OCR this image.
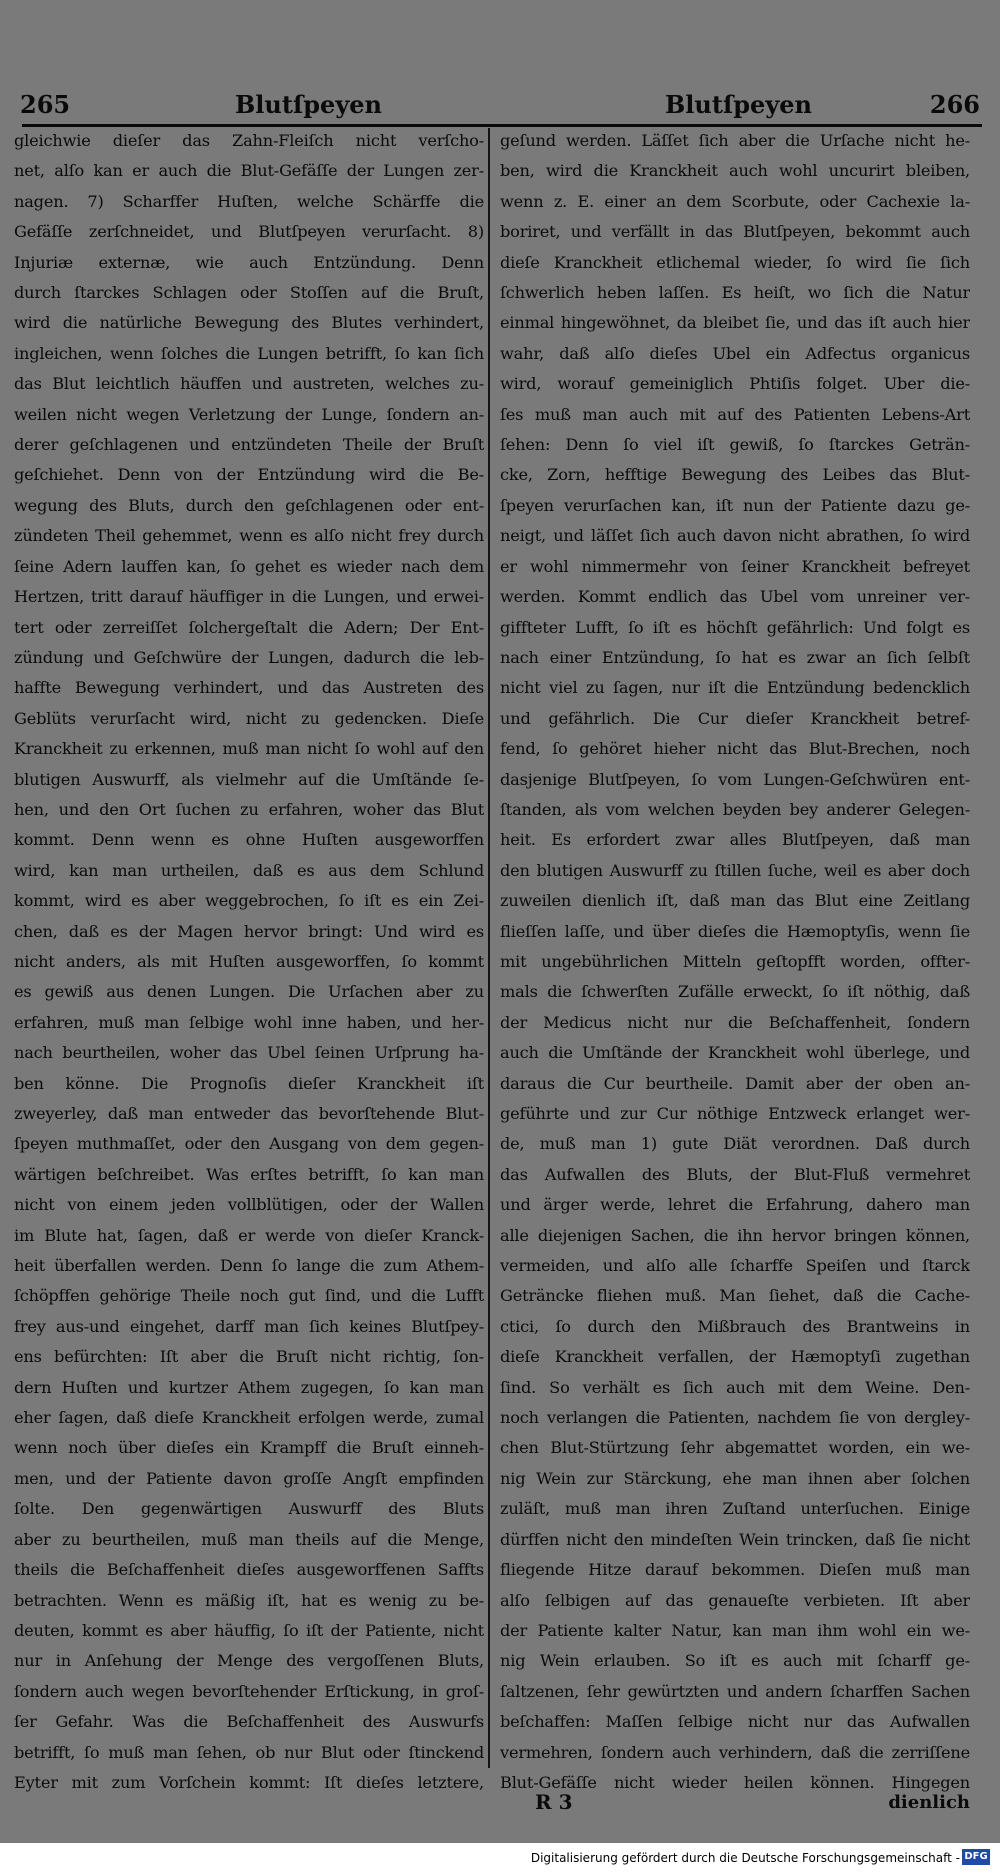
265	Blutſpeyen	Blutſpeyen	266
gleichwie dieſer das Zahn-Fleiſch nicht verſcho-
net, alſo kan er auch die Blut-Gefäſſe der Lungen zer-
nagen. 7) Scharffer Huſten, welche Schärffe die
Gefäſſe zerſchneidet, und Blutſpeyen verurſacht. 8)
Injuriæ externæ, wie auch Entzündung. Denn
durch ſtarckes Schlagen oder Stoſſen auf die Bruſt,
wird die natürliche Bewegung des Blutes verhindert,
ingleichen, wenn ſolches die Lungen betrifft, ſo kan ſich
das Blut leichtlich häuffen und austreten, welches zu-
weilen nicht wegen Verletzung der Lunge, ſondern an-
derer geſchlagenen und entzündeten Theile der Bruſt
geſchiehet. Denn von der Entzündung wird die Be-
wegung des Bluts, durch den geſchlagenen oder ent-
zündeten Theil gehemmet, wenn es alſo nicht frey durch
ſeine Adern lauffen kan, ſo gehet es wieder nach dem
Hertzen, tritt darauf häuffiger in die Lungen, und erwei-
tert oder zerreiſſet ſolchergeſtalt die Adern; Der Ent-
zündung und Geſchwüre der Lungen, dadurch die leb-
haffte Bewegung verhindert, und das Austreten des
Geblüts verurſacht wird, nicht zu gedencken. Dieſe
Kranckheit zu erkennen, muß man nicht ſo wohl auf den
blutigen Auswurff, als vielmehr auf die Umſtände ſe-
hen, und den Ort ſuchen zu erfahren, woher das Blut
kommt. Denn wenn es ohne Huſten ausgeworffen
wird, kan man urtheilen, daß es aus dem Schlund
kommt, wird es aber weggebrochen, ſo iſt es ein Zei-
chen, daß es der Magen hervor bringt: Und wird es
nicht anders, als mit Huſten ausgeworffen, ſo kommt
es gewiß aus denen Lungen. Die Urſachen aber zu
erfahren, muß man ſelbige wohl inne haben, und her-
nach beurtheilen, woher das Ubel ſeinen Urſprung ha-
ben könne. Die Prognoſis dieſer Kranckheit iſt
zweyerley, daß man entweder das bevorſtehende Blut-
ſpeyen muthmaſſet, oder den Ausgang von dem gegen-
wärtigen beſchreibet. Was erſtes betrifft, ſo kan man
nicht von einem jeden vollblütigen, oder der Wallen
im Blute hat, ſagen, daß er werde von dieſer Kranck-
heit überfallen werden. Denn ſo lange die zum Athem-
ſchöpffen gehörige Theile noch gut ſind, und die Lufft
frey aus-und eingehet, darff man ſich keines Blutſpey-
ens befürchten: Iſt aber die Bruſt nicht richtig, ſon-
dern Huſten und kurtzer Athem zugegen, ſo kan man
eher ſagen, daß dieſe Kranckheit erfolgen werde, zumal
wenn noch über dieſes ein Krampff die Bruſt einneh-
men, und der Patiente davon groſſe Angſt empfinden
ſolte. Den gegenwärtigen Auswurff des Bluts
aber zu beurtheilen, muß man theils auf die Menge,
theils die Beſchaffenheit dieſes ausgeworffenen Saffts
betrachten. Wenn es mäßig iſt, hat es wenig zu be-
deuten, kommt es aber häuffig, ſo iſt der Patiente, nicht
nur in Anſehung der Menge des vergoſſenen Bluts,
ſondern auch wegen bevorſtehender Erſtickung, in groſ-
ſer Gefahr. Was die Beſchaffenheit des Auswurfs
betrifft, ſo muß man ſehen, ob nur Blut oder ſtinckend
Eyter mit zum Vorſchein kommt: Iſt dieſes letztere,
geſund werden. Läſſet ſich aber die Urſache nicht he-
ben, wird die Kranckheit auch wohl uncurirt bleiben,
wenn z. E. einer an dem Scorbute, oder Cachexie la-
boriret, und verfällt in das Blutſpeyen, bekommt auch
dieſe Kranckheit etlichemal wieder, ſo wird ſie ſich
ſchwerlich heben laſſen. Es heiſt, wo ſich die Natur
einmal hingewöhnet, da bleibet ſie, und das iſt auch hier
wahr, daß alſo dieſes Ubel ein Adfectus organicus
wird, worauf gemeiniglich Phtiſis folget. Uber die-
ſes muß man auch mit auf des Patienten Lebens-Art
ſehen: Denn ſo viel iſt gewiß, ſo ſtarckes Geträn-
cke, Zorn, hefftige Bewegung des Leibes das Blut-
ſpeyen verurſachen kan, iſt nun der Patiente dazu ge-
neigt, und läſſet ſich auch davon nicht abrathen, ſo wird
er wohl nimmermehr von ſeiner Kranckheit befreyet
werden. Kommt endlich das Ubel vom unreiner ver-
giffteter Lufft, ſo iſt es höchſt gefährlich: Und folgt es
nach einer Entzündung, ſo hat es zwar an ſich ſelbſt
nicht viel zu ſagen, nur iſt die Entzündung bedencklich
und gefährlich. Die Cur dieſer Kranckheit betref-
fend, ſo gehöret hieher nicht das Blut-Brechen, noch
dasjenige Blutſpeyen, ſo vom Lungen-Geſchwüren ent-
ſtanden, als vom welchen beyden bey anderer Gelegen-
heit. Es erfordert zwar alles Blutſpeyen, daß man
den blutigen Auswurff zu ſtillen ſuche, weil es aber doch
zuweilen dienlich iſt, daß man das Blut eine Zeitlang
flieſſen laſſe, und über dieſes die Hæmoptyſis, wenn ſie
mit ungebührlichen Mitteln geſtopfft worden, offter-
mals die ſchwerſten Zufälle erweckt, ſo iſt nöthig, daß
der Medicus nicht nur die Beſchaffenheit, ſondern
auch die Umſtände der Kranckheit wohl überlege, und
daraus die Cur beurtheile. Damit aber der oben an-
geführte und zur Cur nöthige Entzweck erlanget wer-
de, muß man 1) gute Diät verordnen. Daß durch
das Aufwallen des Bluts, der Blut-Fluß vermehret
und ärger werde, lehret die Erfahrung, dahero man
alle diejenigen Sachen, die ihn hervor bringen können,
vermeiden, und alſo alle ſcharffe Speiſen und ſtarck
Geträncke fliehen muß. Man ſiehet, daß die Cache-
ctici, ſo durch den Mißbrauch des Brantweins in
dieſe Kranckheit verfallen, der Hæmoptyſi zugethan
ſind. So verhält es ſich auch mit dem Weine. Den-
noch verlangen die Patienten, nachdem ſie von dergley-
chen Blut-Stürtzung ſehr abgemattet worden, ein we-
nig Wein zur Stärckung, ehe man ihnen aber ſolchen
zuläſt, muß man ihren Zuſtand unterſuchen. Einige
dürffen nicht den mindeſten Wein trincken, daß ſie nicht
fliegende Hitze darauf bekommen. Dieſen muß man
alſo ſelbigen auf das genaueſte verbieten. Iſt aber
der Patiente kalter Natur, kan man ihm wohl ein we-
nig Wein erlauben. So iſt es auch mit ſcharff ge-
ſaltzenen, ſehr gewürtzten und andern ſcharffen Sachen
beſchaffen: Maſſen ſelbige nicht nur das Aufwallen
vermehren, ſondern auch verhindern, daß die zerriſſene
Blut-Gefäſſe nicht wieder heilen können. Hingegen
R 3	dienlich
Digitalisierung gefördert durch die Deutsche Forschungsgemeinschaft - DFG
